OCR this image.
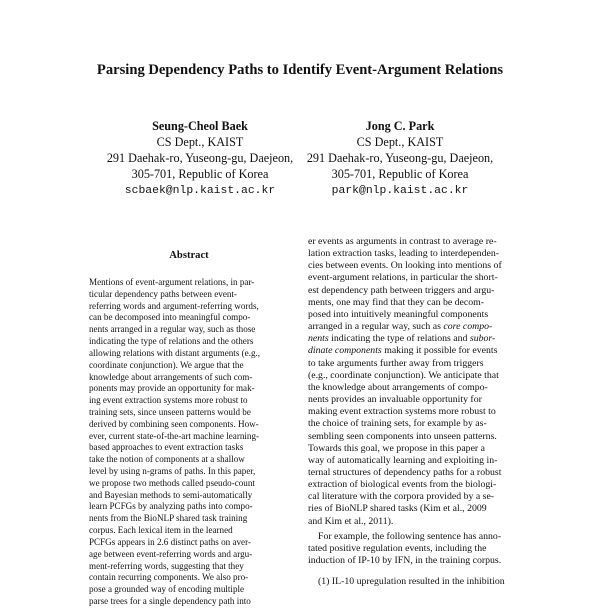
Parsing Dependency Paths to Identify Event-Argument Relations
Seung-Cheol Baek
CS Dept., KAIST
291 Daehak-ro, Yuseong-gu, Daejeon,
305-701, Republic of Korea
scbaek@nlp.kaist.ac.kr
Jong C. Park
CS Dept., KAIST
291 Daehak-ro, Yuseong-gu, Daejeon,
305-701, Republic of Korea
park@nlp.kaist.ac.kr
Abstract
Mentions of event-argument relations, in par-
ticular dependency paths between event-
referring words and argument-referring words,
can be decomposed into meaningful compo-
nents arranged in a regular way, such as those
indicating the type of relations and the others
allowing relations with distant arguments (e.g.,
coordinate conjunction). We argue that the
knowledge about arrangements of such com-
ponents may provide an opportunity for mak-
ing event extraction systems more robust to
training sets, since unseen patterns would be
derived by combining seen components. How-
ever, current state-of-the-art machine learning-
based approaches to event extraction tasks
take the notion of components at a shallow
level by using n-grams of paths. In this paper,
we propose two methods called pseudo-count
and Bayesian methods to semi-automatically
learn PCFGs by analyzing paths into compo-
nents from the BioNLP shared task training
corpus. Each lexical item in the learned
PCFGs appears in 2.6 distinct paths on aver-
age between event-referring words and argu-
ment-referring words, suggesting that they
contain recurring components. We also pro-
pose a grounded way of encoding multiple
parse trees for a single dependency path into
er events as arguments in contrast to average re-
lation extraction tasks, leading to interdependen-
cies between events. On looking into mentions of
event-argument relations, in particular the short-
est dependency path between triggers and argu-
ments, one may find that they can be decom-
posed into intuitively meaningful components
arranged in a regular way, such as core compo-
nents indicating the type of relations and subor-
dinate components making it possible for events
to take arguments further away from triggers
(e.g., coordinate conjunction). We anticipate that
the knowledge about arrangements of compo-
nents provides an invaluable opportunity for
making event extraction systems more robust to
the choice of training sets, for example by as-
sembling seen components into unseen patterns.
Towards this goal, we propose in this paper a
way of automatically learning and exploiting in-
ternal structures of dependency paths for a robust
extraction of biological events from the biologi-
cal literature with the corpora provided by a se-
ries of BioNLP shared tasks (Kim et al., 2009
and Kim et al., 2011).
For example, the following sentence has anno-
tated positive regulation events, including the
induction of IP-10 by IFN, in the training corpus.
(1) IL-10 upregulation resulted in the inhibition
